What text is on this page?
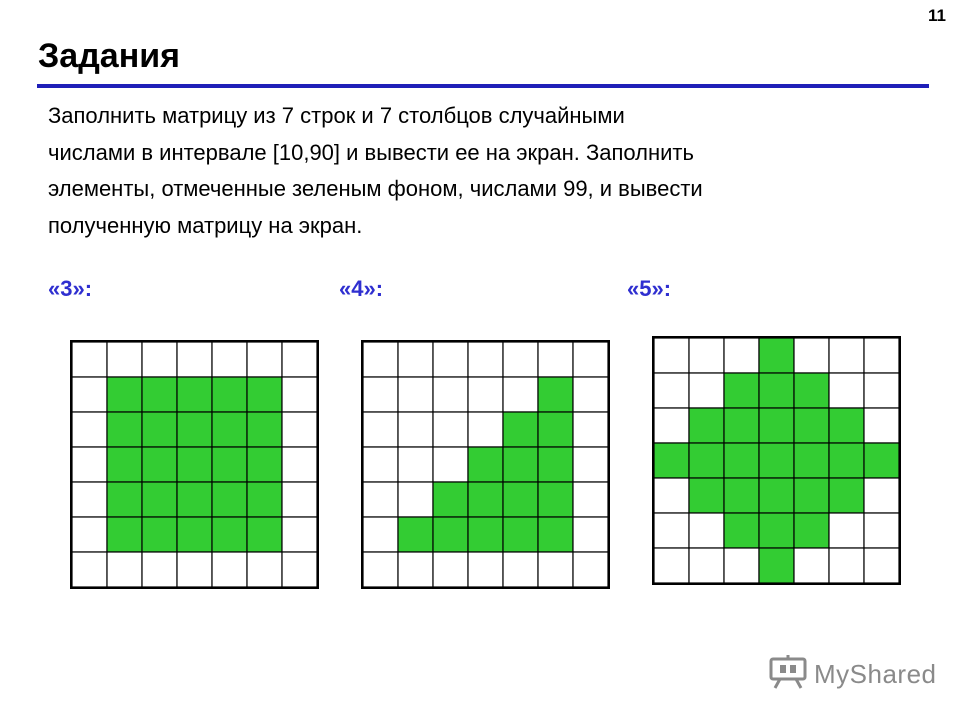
11
Задания
Заполнить матрицу из 7 строк и 7 столбцов случайными
числами в интервале [10,90] и вывести ее на экран. Заполнить
элементы, отмеченные зеленым фоном, числами 99, и вывести
полученную матрицу на экран.
«3»:	«4»:	«5»:
MyShared
